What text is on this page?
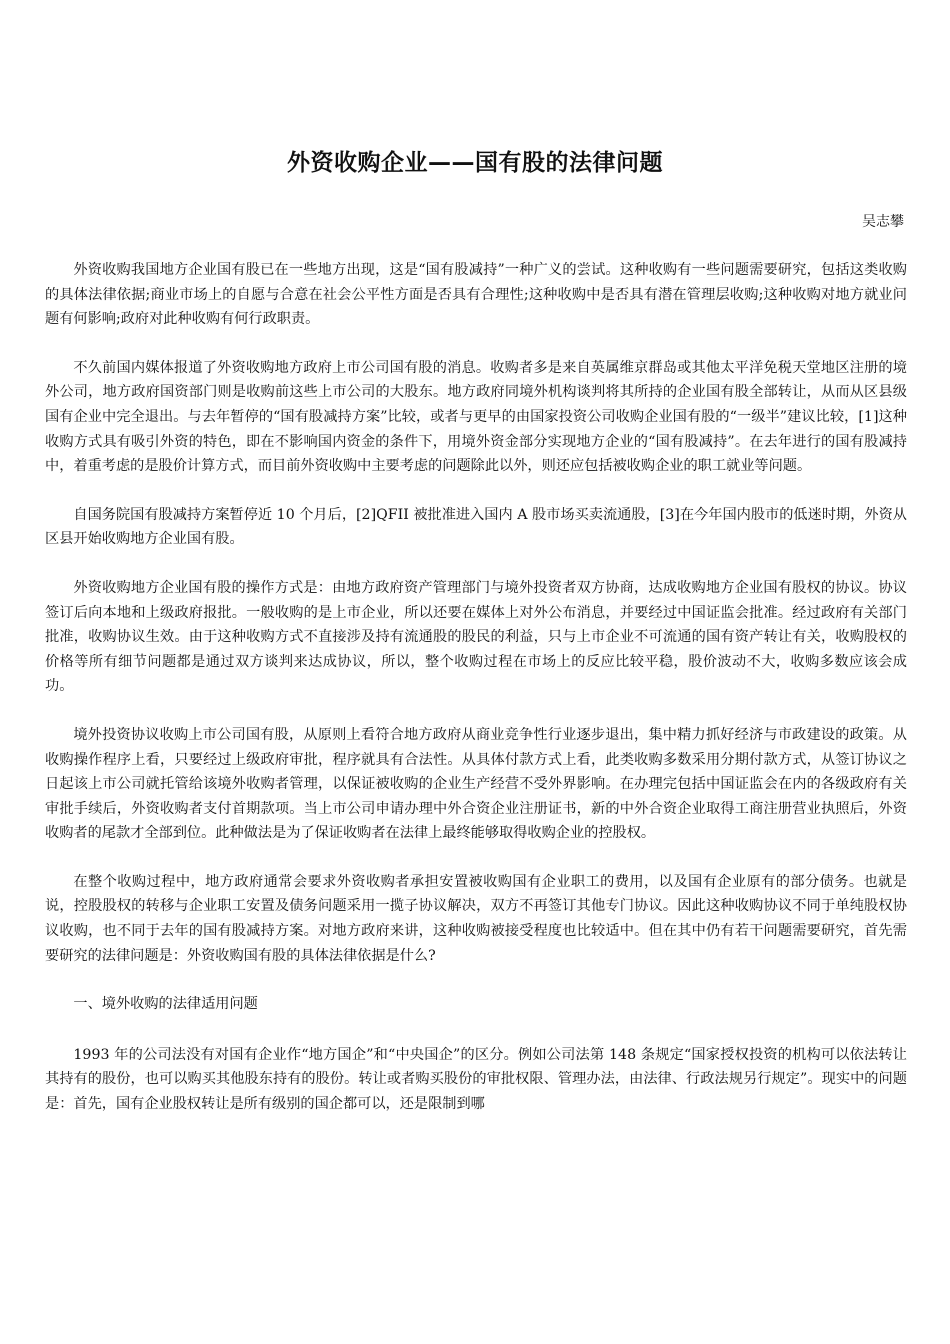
外资收购企业——国有股的法律问题
吴志攀

外资收购我国地方企业国有股已在一些地方出现，这是“国有股减持”一种广义的尝试。这种收购有一些问题需要研究，包括这类收购的具体法律依据;商业市场上的自愿与合意在社会公平性方面是否具有合理性;这种收购中是否具有潜在管理层收购;这种收购对地方就业问题有何影响;政府对此种收购有何行政职责。

不久前国内媒体报道了外资收购地方政府上市公司国有股的消息。收购者多是来自英属维京群岛或其他太平洋免税天堂地区注册的境外公司，地方政府国资部门则是收购前这些上市公司的大股东。地方政府同境外机构谈判将其所持的企业国有股全部转让，从而从区县级国有企业中完全退出。与去年暂停的“国有股减持方案”比较，或者与更早的由国家投资公司收购企业国有股的“一级半”建议比较，[1]这种收购方式具有吸引外资的特色，即在不影响国内资金的条件下，用境外资金部分实现地方企业的“国有股减持”。在去年进行的国有股减持中，着重考虑的是股价计算方式，而目前外资收购中主要考虑的问题除此以外，则还应包括被收购企业的职工就业等问题。

自国务院国有股减持方案暂停近 10 个月后，[2]QFII 被批准进入国内 A 股市场买卖流通股，[3]在今年国内股市的低迷时期，外资从区县开始收购地方企业国有股。

外资收购地方企业国有股的操作方式是：由地方政府资产管理部门与境外投资者双方协商，达成收购地方企业国有股权的协议。协议签订后向本地和上级政府报批。一般收购的是上市企业，所以还要在媒体上对外公布消息，并要经过中国证监会批准。经过政府有关部门批准，收购协议生效。由于这种收购方式不直接涉及持有流通股的股民的利益，只与上市企业不可流通的国有资产转让有关，收购股权的价格等所有细节问题都是通过双方谈判来达成协议，所以，整个收购过程在市场上的反应比较平稳，股价波动不大，收购多数应该会成功。

境外投资协议收购上市公司国有股，从原则上看符合地方政府从商业竞争性行业逐步退出，集中精力抓好经济与市政建设的政策。从收购操作程序上看，只要经过上级政府审批，程序就具有合法性。从具体付款方式上看，此类收购多数采用分期付款方式，从签订协议之日起该上市公司就托管给该境外收购者管理，以保证被收购的企业生产经营不受外界影响。在办理完包括中国证监会在内的各级政府有关审批手续后，外资收购者支付首期款项。当上市公司申请办理中外合资企业注册证书，新的中外合资企业取得工商注册营业执照后，外资收购者的尾款才全部到位。此种做法是为了保证收购者在法律上最终能够取得收购企业的控股权。

在整个收购过程中，地方政府通常会要求外资收购者承担安置被收购国有企业职工的费用，以及国有企业原有的部分债务。也就是说，控股股权的转移与企业职工安置及债务问题采用一揽子协议解决，双方不再签订其他专门协议。因此这种收购协议不同于单纯股权协议收购，也不同于去年的国有股减持方案。对地方政府来讲，这种收购被接受程度也比较适中。但在其中仍有若干问题需要研究，首先需要研究的法律问题是：外资收购国有股的具体法律依据是什么?

一、境外收购的法律适用问题

1993 年的公司法没有对国有企业作“地方国企”和“中央国企”的区分。例如公司法第 148 条规定“国家授权投资的机构可以依法转让其持有的股份，也可以购买其他股东持有的股份。转让或者购买股份的审批权限、管理办法，由法律、行政法规另行规定”。现实中的问题是：首先，国有企业股权转让是所有级别的国企都可以，还是限制到哪
